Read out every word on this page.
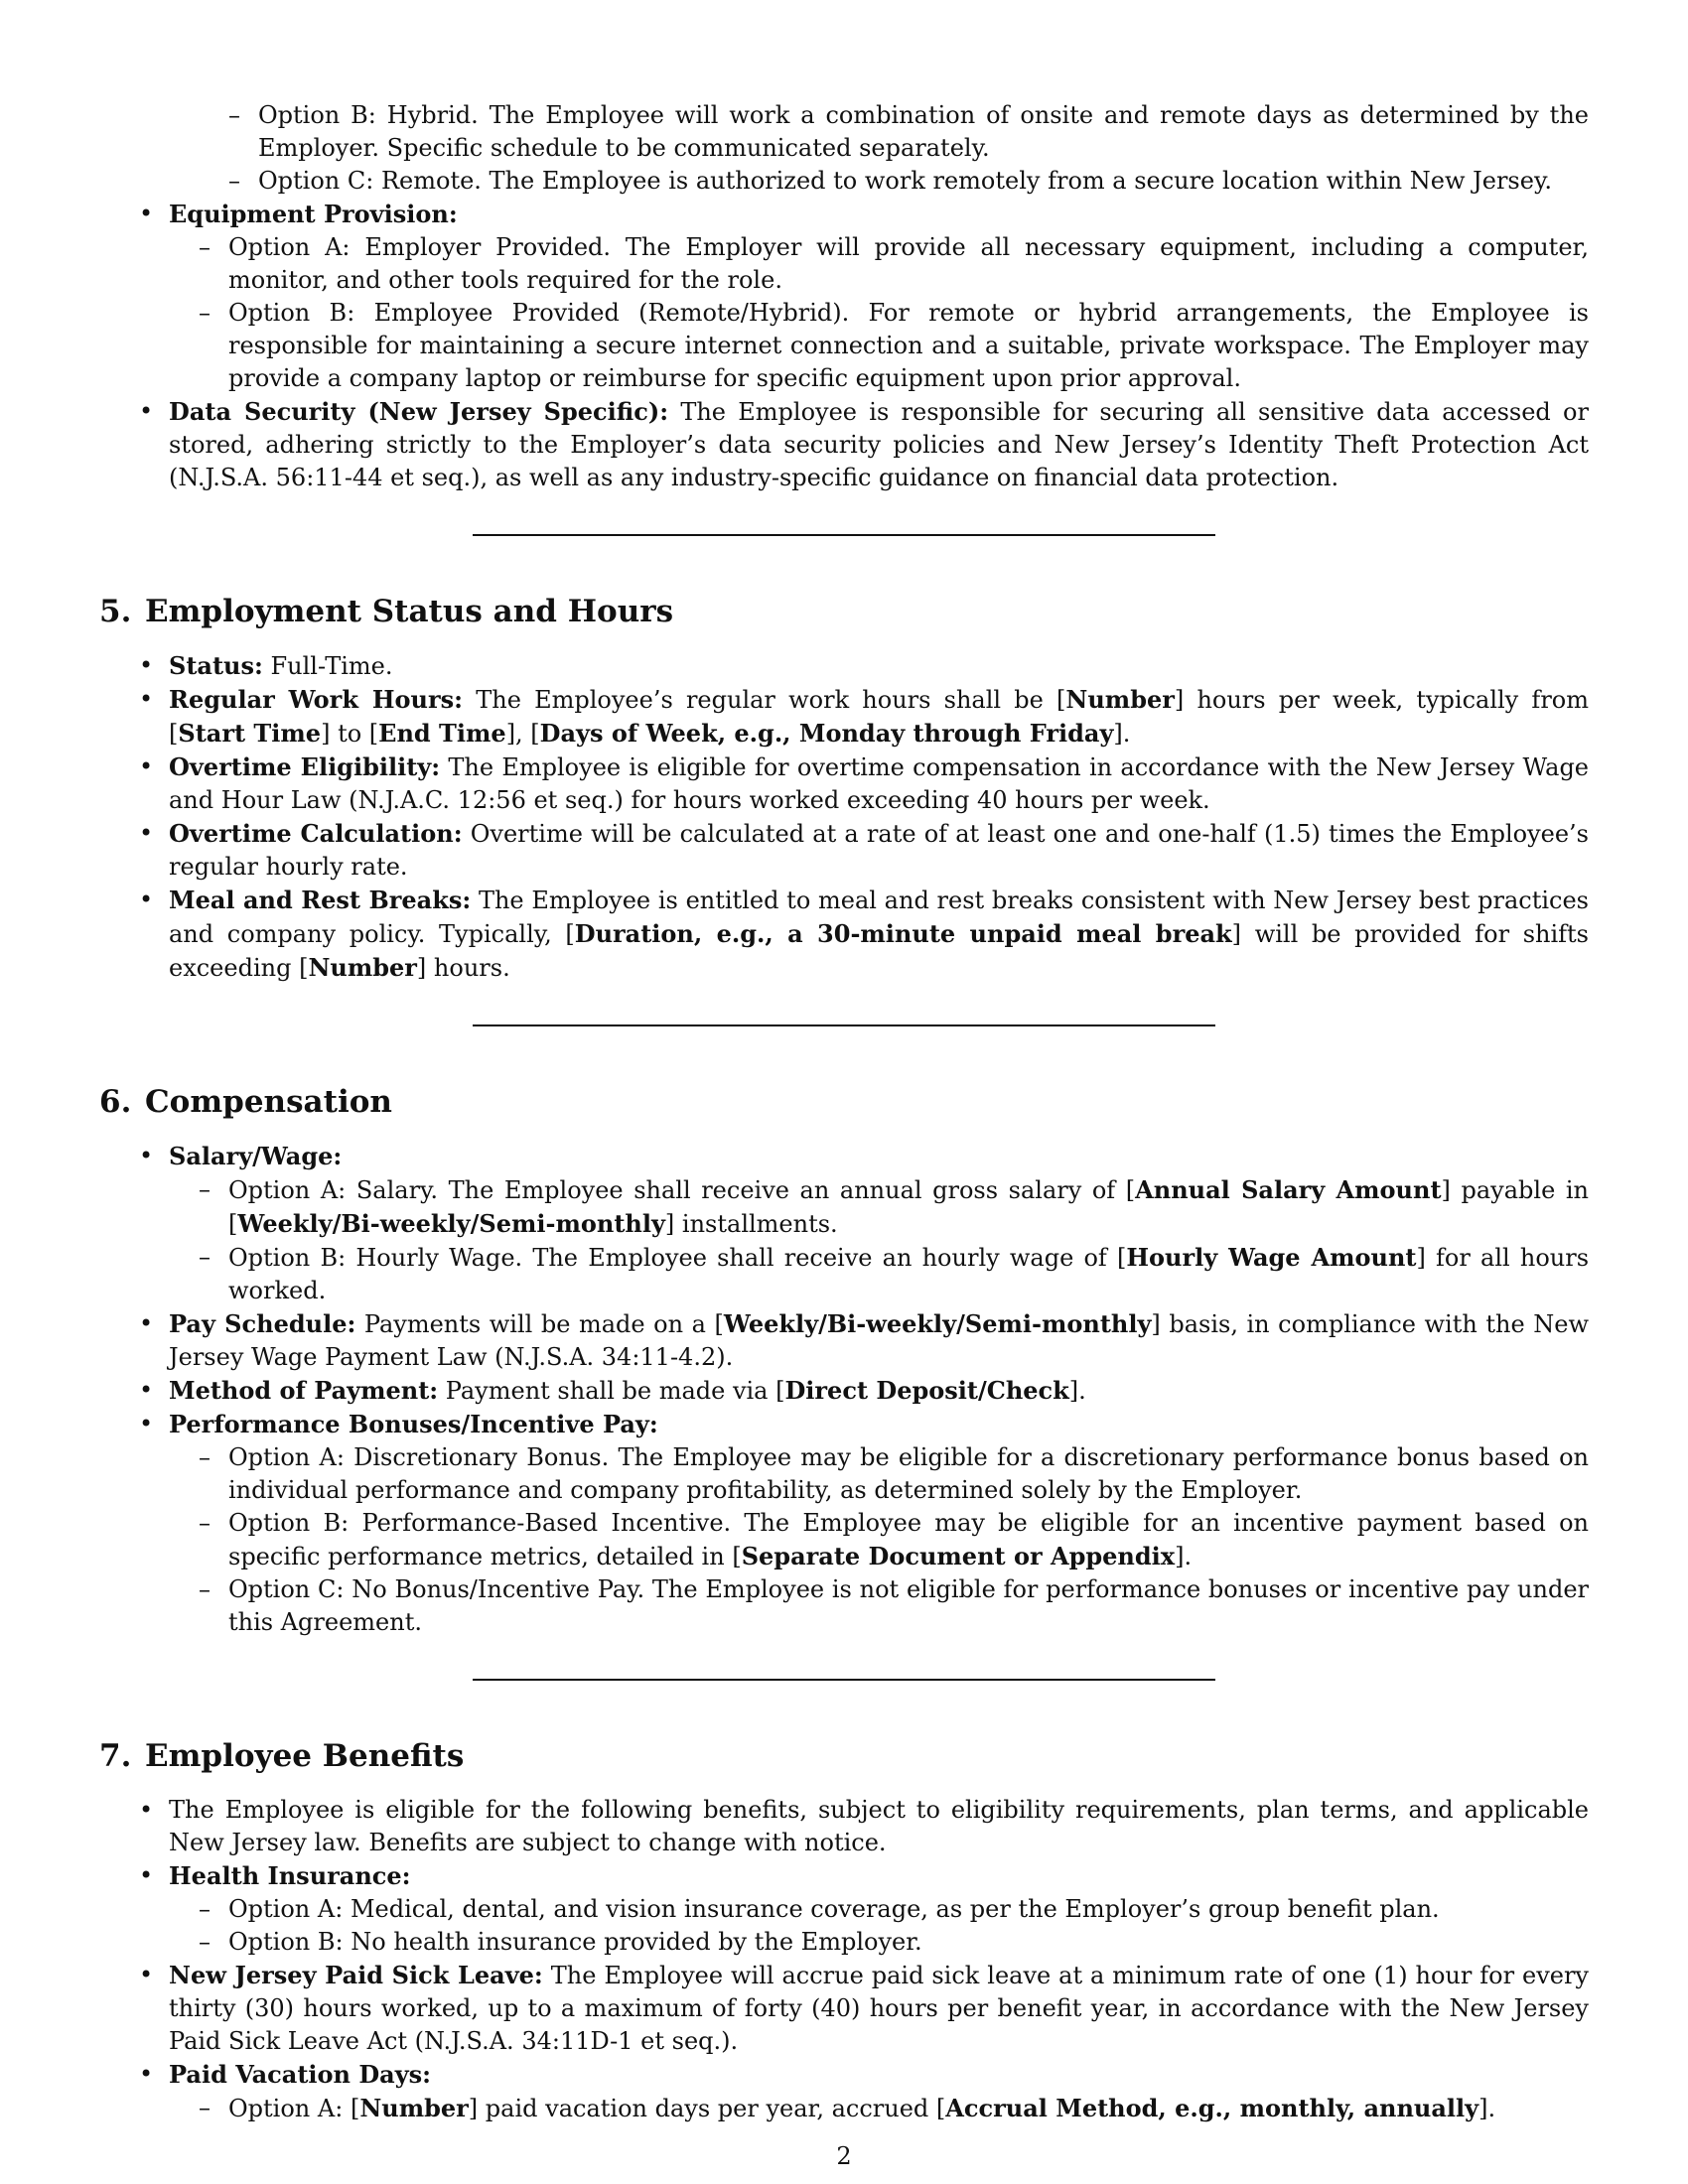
– Option B: Hybrid. The Employee will work a combination of onsite and remote days as determined by the Employer. Specific schedule to be communicated separately.
– Option C: Remote. The Employee is authorized to work remotely from a secure location within New Jersey.
• Equipment Provision:
– Option A: Employer Provided. The Employer will provide all necessary equipment, including a computer, monitor, and other tools required for the role.
– Option B: Employee Provided (Remote/Hybrid). For remote or hybrid arrangements, the Employee is responsible for maintaining a secure internet connection and a suitable, private workspace. The Employer may provide a company laptop or reimburse for specific equipment upon prior approval.
• Data Security (New Jersey Specific): The Employee is responsible for securing all sensitive data accessed or stored, adhering strictly to the Employer’s data security policies and New Jersey’s Identity Theft Protection Act (N.J.S.A. 56:11-44 et seq.), as well as any industry-specific guidance on financial data protection.
5. Employment Status and Hours
• Status: Full-Time.
• Regular Work Hours: The Employee’s regular work hours shall be [Number] hours per week, typically from [Start Time] to [End Time], [Days of Week, e.g., Monday through Friday].
• Overtime Eligibility: The Employee is eligible for overtime compensation in accordance with the New Jersey Wage and Hour Law (N.J.A.C. 12:56 et seq.) for hours worked exceeding 40 hours per week.
• Overtime Calculation: Overtime will be calculated at a rate of at least one and one-half (1.5) times the Employee’s regular hourly rate.
• Meal and Rest Breaks: The Employee is entitled to meal and rest breaks consistent with New Jersey best practices and company policy. Typically, [Duration, e.g., a 30-minute unpaid meal break] will be provided for shifts exceeding [Number] hours.
6. Compensation
• Salary/Wage:
– Option A: Salary. The Employee shall receive an annual gross salary of [Annual Salary Amount] payable in [Weekly/Bi-weekly/Semi-monthly] installments.
– Option B: Hourly Wage. The Employee shall receive an hourly wage of [Hourly Wage Amount] for all hours worked.
• Pay Schedule: Payments will be made on a [Weekly/Bi-weekly/Semi-monthly] basis, in compliance with the New Jersey Wage Payment Law (N.J.S.A. 34:11-4.2).
• Method of Payment: Payment shall be made via [Direct Deposit/Check].
• Performance Bonuses/Incentive Pay:
– Option A: Discretionary Bonus. The Employee may be eligible for a discretionary performance bonus based on individual performance and company profitability, as determined solely by the Employer.
– Option B: Performance-Based Incentive. The Employee may be eligible for an incentive payment based on specific performance metrics, detailed in [Separate Document or Appendix].
– Option C: No Bonus/Incentive Pay. The Employee is not eligible for performance bonuses or incentive pay under this Agreement.
7. Employee Benefits
• The Employee is eligible for the following benefits, subject to eligibility requirements, plan terms, and applicable New Jersey law. Benefits are subject to change with notice.
• Health Insurance:
– Option A: Medical, dental, and vision insurance coverage, as per the Employer’s group benefit plan.
– Option B: No health insurance provided by the Employer.
• New Jersey Paid Sick Leave: The Employee will accrue paid sick leave at a minimum rate of one (1) hour for every thirty (30) hours worked, up to a maximum of forty (40) hours per benefit year, in accordance with the New Jersey Paid Sick Leave Act (N.J.S.A. 34:11D-1 et seq.).
• Paid Vacation Days:
– Option A: [Number] paid vacation days per year, accrued [Accrual Method, e.g., monthly, annually].
2
